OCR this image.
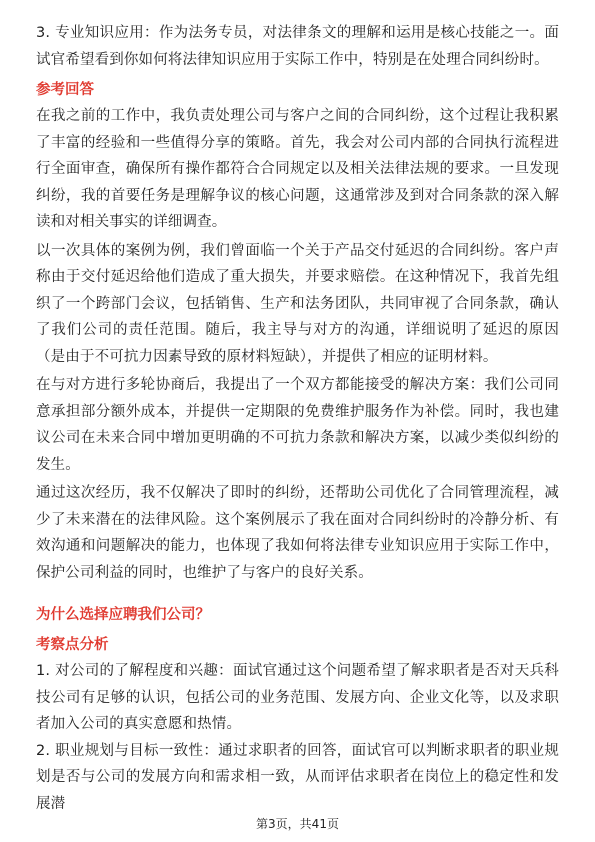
3. 专业知识应用：作为法务专员，对法律条文的理解和运用是核心技能之一。面试官希望看到你如何将法律知识应用于实际工作中，特别是在处理合同纠纷时。

参考回答

在我之前的工作中，我负责处理公司与客户之间的合同纠纷，这个过程让我积累了丰富的经验和一些值得分享的策略。首先，我会对公司内部的合同执行流程进行全面审查，确保所有操作都符合合同规定以及相关法律法规的要求。一旦发现纠纷，我的首要任务是理解争议的核心问题，这通常涉及到对合同条款的深入解读和对相关事实的详细调查。

以一次具体的案例为例，我们曾面临一个关于产品交付延迟的合同纠纷。客户声称由于交付延迟给他们造成了重大损失，并要求赔偿。在这种情况下，我首先组织了一个跨部门会议，包括销售、生产和法务团队，共同审视了合同条款，确认了我们公司的责任范围。随后，我主导与对方的沟通，详细说明了延迟的原因（是由于不可抗力因素导致的原材料短缺），并提供了相应的证明材料。

在与对方进行多轮协商后，我提出了一个双方都能接受的解决方案：我们公司同意承担部分额外成本，并提供一定期限的免费维护服务作为补偿。同时，我也建议公司在未来合同中增加更明确的不可抗力条款和解决方案，以减少类似纠纷的发生。

通过这次经历，我不仅解决了即时的纠纷，还帮助公司优化了合同管理流程，减少了未来潜在的法律风险。这个案例展示了我在面对合同纠纷时的冷静分析、有效沟通和问题解决的能力，也体现了我如何将法律专业知识应用于实际工作中，保护公司利益的同时，也维护了与客户的良好关系。

为什么选择应聘我们公司？
考察点分析

1. 对公司的了解程度和兴趣：面试官通过这个问题希望了解求职者是否对天兵科技公司有足够的认识，包括公司的业务范围、发展方向、企业文化等，以及求职者加入公司的真实意愿和热情。

2. 职业规划与目标一致性：通过求职者的回答，面试官可以判断求职者的职业规划是否与公司的发展方向和需求相一致，从而评估求职者在岗位上的稳定性和发展潜

第3页，共41页
